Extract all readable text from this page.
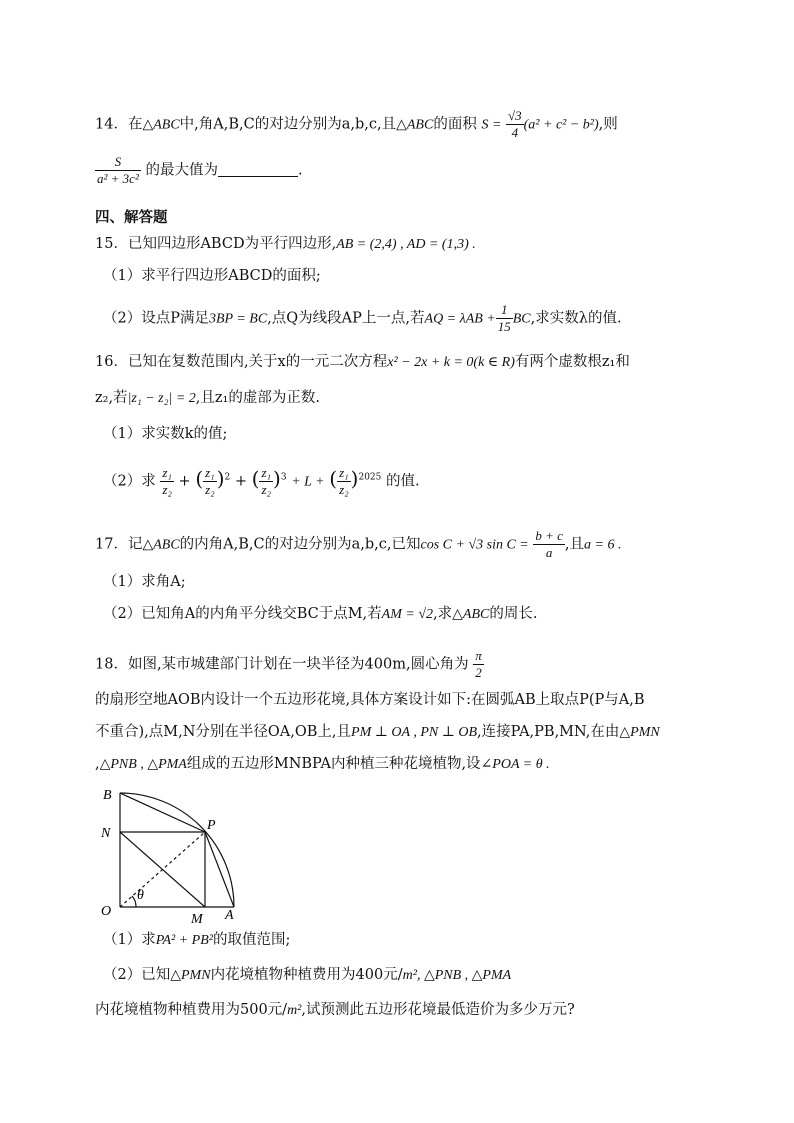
14．在△ABC中,角A,B,C的对边分别为a,b,c,且△ABC的面积 $S = \frac{√3}{4} (a^2 + c^2 - b^2)$,则
$\frac{S}{\text{a² + 3c²}}$ 的最大值为	.
四、解答题
15．已知四边形ABCD为平行四边形,AB = (2,4) , AD = (1,3) .
（1）求平行四边形ABCD的面积;
（2）设点P满足3BP = BC,点Q为线段AP上一点,若AQ = $\lambda AB + \frac{1}{15}$ BC,求实数λ的值.
16．已知在复数范围内,关于x的一元二次方程x² − 2x + k = 0(k ∈ R)有两个虚数根z₁和
z₂,若|z₁ − z₂| = 2,且z₁的虚部为正数.
（1）求实数k的值;
（2）求 $\frac{\text{z₁}}{\text{z₂}}$ + ( $\frac{\text{z₁}}{\text{z₂}} )^2$ + ( $\frac{\text{z₁}}{\text{z₂}} )^3 + L$ + ( $\frac{\text{z₁}}{\text{z₂}} )^{2025}$ 的值.
17．记△ABC的内角A,B,C的对边分别为a,b,c,已知cos C + √3 $\sin C = \frac{b + c}{a}$ ,且a = 6 .
（1）求角A;
（2）已知角A的内角平分线交BC于点M,若AM = √2,求△ABC的周长.
18．如图,某市城建部门计划在一块半径为400m,圆心角为 $\frac{\pi}{2}$
的扇形空地AOB内设计一个五边形花境,具体方案设计如下:在圆弧AB上取点P(P与A,B
不重合),点M,N分别在半径OA,OB上,且PM ⊥ OA , PN ⊥ OB,连接PA,PB,MN,在由△PMN
,△PNB , △PMA组成的五边形MNBPA内种植三种花境植物,设∠POA = θ .
B
N
P
O
M A
θ
（1）求PA² + PB²的取值范围;
（2）已知△PMN内花境植物种植费用为400元/m², △PNB , △PMA
内花境植物种植费用为500元/m²,试预测此五边形花境最低造价为多少万元?
